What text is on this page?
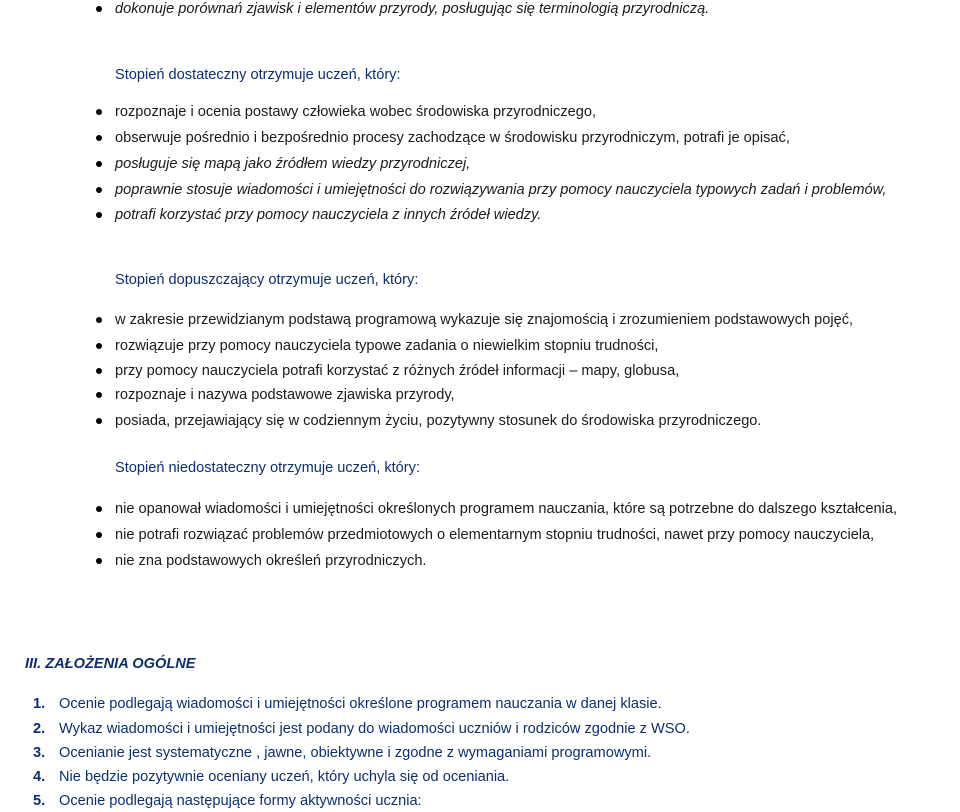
dokonuje porównań zjawisk i elementów przyrody, posługując się terminologią przyrodniczą.
Stopień dostateczny otrzymuje uczeń, który:
rozpoznaje i ocenia postawy człowieka wobec środowiska przyrodniczego,
obserwuje pośrednio i bezpośrednio procesy zachodzące w środowisku przyrodniczym, potrafi je opisać,
posługuje się mapą jako źródłem wiedzy przyrodniczej,
poprawnie stosuje wiadomości i umiejętności do rozwiązywania przy pomocy nauczyciela typowych zadań i problemów,
potrafi korzystać przy pomocy nauczyciela z innych źródeł wiedzy.
Stopień dopuszczający otrzymuje uczeń, który:
w zakresie przewidzianym podstawą programową wykazuje się znajomością i zrozumieniem podstawowych pojęć,
rozwiązuje przy pomocy nauczyciela typowe zadania o niewielkim stopniu trudności,
przy pomocy nauczyciela potrafi korzystać z różnych źródeł informacji – mapy, globusa,
rozpoznaje i nazywa podstawowe zjawiska przyrody,
posiada, przejawiający się w codziennym życiu, pozytywny stosunek do środowiska przyrodniczego.
Stopień niedostateczny otrzymuje uczeń, który:
nie opanował wiadomości i umiejętności określonych programem nauczania, które są potrzebne do dalszego kształcenia,
nie potrafi rozwiązać problemów przedmiotowych o elementarnym stopniu trudności, nawet przy pomocy nauczyciela,
nie zna podstawowych określeń przyrodniczych.
III. ZAŁOŻENIA OGÓLNE
1. Ocenie podlegają wiadomości i umiejętności określone programem nauczania w danej klasie.
2. Wykaz wiadomości i umiejętności jest podany do wiadomości uczniów i rodziców zgodnie z WSO.
3. Ocenianie jest systematyczne , jawne, obiektywne i zgodne z wymaganiami programowymi.
4. Nie będzie pozytywnie oceniany uczeń, który uchyla się od oceniania.
5. Ocenie podlegają następujące formy aktywności ucznia:
